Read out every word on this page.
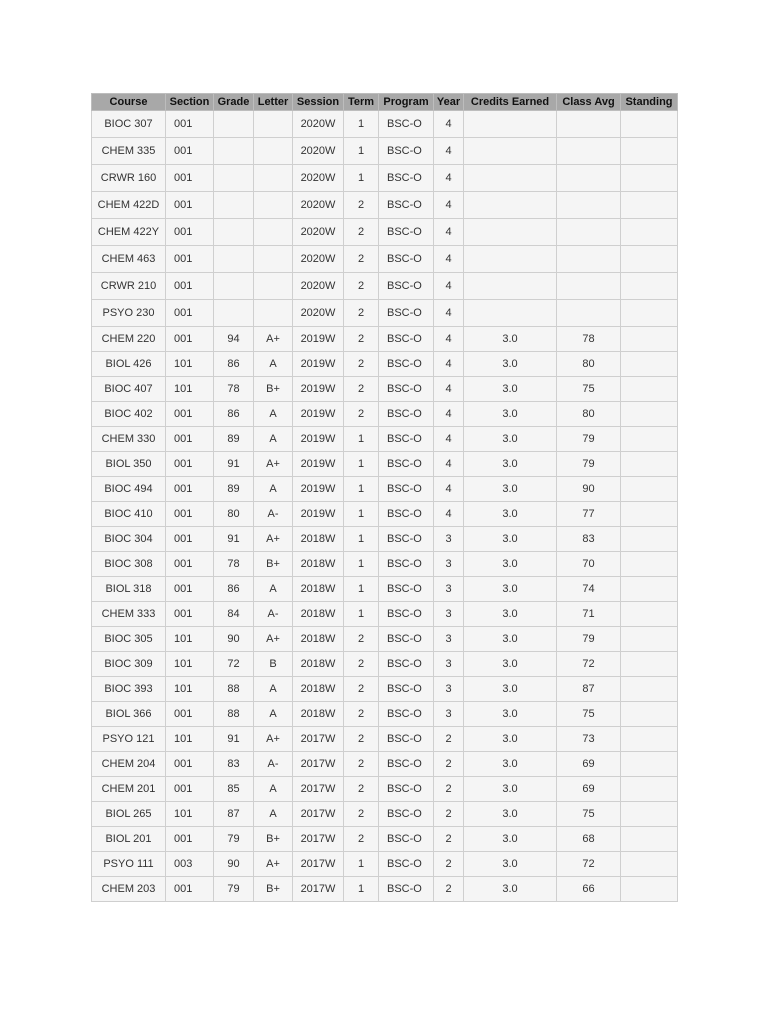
Course	Section	Grade	Letter	Session	Term	Program	Year	Credits Earned	Class Avg	Standing
BIOC 307	001			2020W	1	BSC-O	4			
CHEM 335	001			2020W	1	BSC-O	4			
CRWR 160	001			2020W	1	BSC-O	4			
CHEM 422D	001			2020W	2	BSC-O	4			
CHEM 422Y	001			2020W	2	BSC-O	4			
CHEM 463	001			2020W	2	BSC-O	4			
CRWR 210	001			2020W	2	BSC-O	4			
PSYO 230	001			2020W	2	BSC-O	4			
CHEM 220	001	94	A+	2019W	2	BSC-O	4	3.0	78	
BIOL 426	101	86	A	2019W	2	BSC-O	4	3.0	80	
BIOC 407	101	78	B+	2019W	2	BSC-O	4	3.0	75	
BIOC 402	001	86	A	2019W	2	BSC-O	4	3.0	80	
CHEM 330	001	89	A	2019W	1	BSC-O	4	3.0	79	
BIOL 350	001	91	A+	2019W	1	BSC-O	4	3.0	79	
BIOC 494	001	89	A	2019W	1	BSC-O	4	3.0	90	
BIOC 410	001	80	A-	2019W	1	BSC-O	4	3.0	77	
BIOC 304	001	91	A+	2018W	1	BSC-O	3	3.0	83	
BIOC 308	001	78	B+	2018W	1	BSC-O	3	3.0	70	
BIOL 318	001	86	A	2018W	1	BSC-O	3	3.0	74	
CHEM 333	001	84	A-	2018W	1	BSC-O	3	3.0	71	
BIOC 305	101	90	A+	2018W	2	BSC-O	3	3.0	79	
BIOC 309	101	72	B	2018W	2	BSC-O	3	3.0	72	
BIOC 393	101	88	A	2018W	2	BSC-O	3	3.0	87	
BIOL 366	001	88	A	2018W	2	BSC-O	3	3.0	75	
PSYO 121	101	91	A+	2017W	2	BSC-O	2	3.0	73	
CHEM 204	001	83	A-	2017W	2	BSC-O	2	3.0	69	
CHEM 201	001	85	A	2017W	2	BSC-O	2	3.0	69	
BIOL 265	101	87	A	2017W	2	BSC-O	2	3.0	75	
BIOL 201	001	79	B+	2017W	2	BSC-O	2	3.0	68	
PSYO 111	003	90	A+	2017W	1	BSC-O	2	3.0	72	
CHEM 203	001	79	B+	2017W	1	BSC-O	2	3.0	66	
